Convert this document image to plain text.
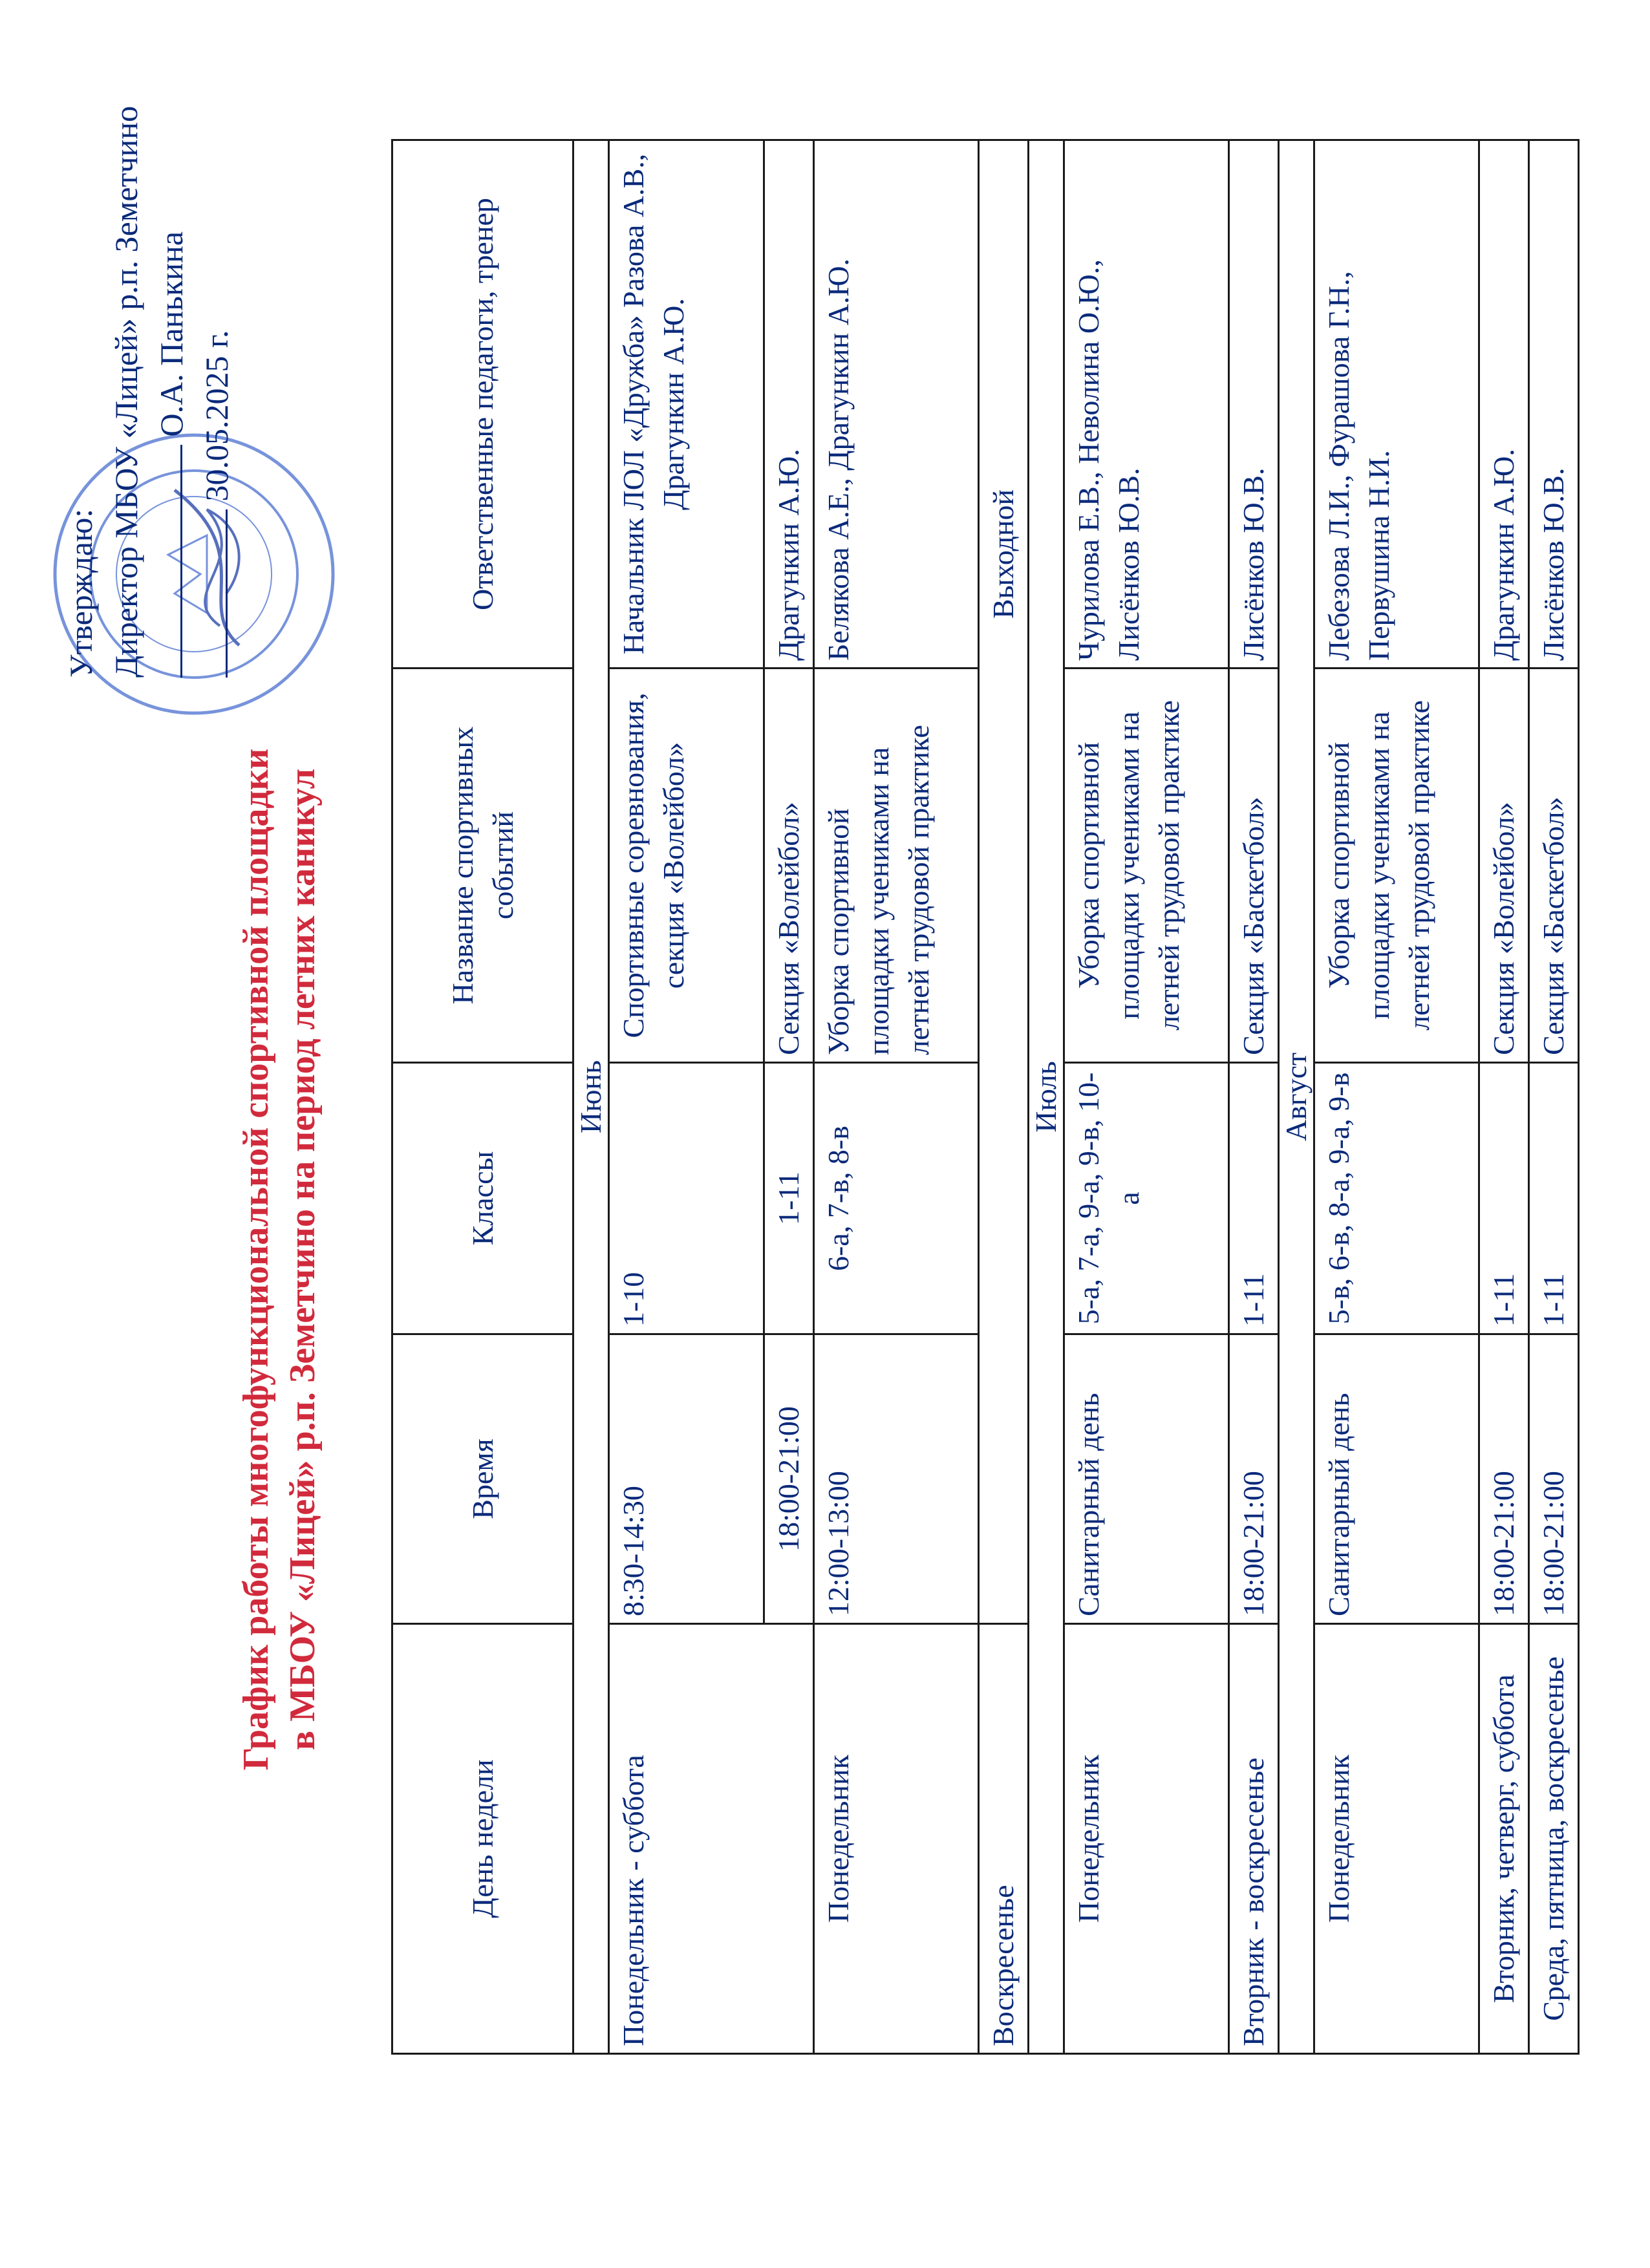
Утверждаю: Директор МБОУ «Лицей» р.п. Земетчино О.А. Панькина 30.05.2025 г.
График работы многофункциональной спортивной площадки в МБОУ «Лицей» р.п. Земетчино на период летних каникул
День недели	Время	Классы	Название спортивных событий	Ответственные педагоги, тренер
Июнь				
Понедельник - суббота	8:30-14:30	1-10	Спортивные соревнования, секция «Волейбол»	Начальник ЛОЛ «Дружба» Разова А.В., Драгункин А.Ю.
	18:00-21:00	1-11	Секция «Волейбол»	Драгункин А.Ю.
Понедельник	12:00-13:00	6-а, 7-в, 8-в	Уборка спортивной площадки учениками на летней трудовой практике	Белякова А.Е., Драгункин А.Ю.
Воскресенье	Выходной			
Июль				
Понедельник	Санитарный день	5-а, 7-а, 9-а, 9-в, 10-а	Уборка спортивной площадки учениками на летней трудовой практике	Чурилова Е.В., Неволина О.Ю., Лисёнков Ю.В.
Вторник - воскресенье	18:00-21:00	1-11	Секция «Баскетбол»	Лисёнков Ю.В.
Август				
Понедельник	Санитарный день	5-в, 6-в, 8-а, 9-а, 9-в	Уборка спортивной площадки учениками на летней трудовой практике	Лебезова Л.И., Фурашова Г.Н., Первушина Н.И.
Вторник, четверг, суббота	18:00-21:00	1-11	Секция «Волейбол»	Драгункин А.Ю.
Среда, пятница, воскресенье	18:00-21:00	1-11	Секция «Баскетбол»	Лисёнков Ю.В.
